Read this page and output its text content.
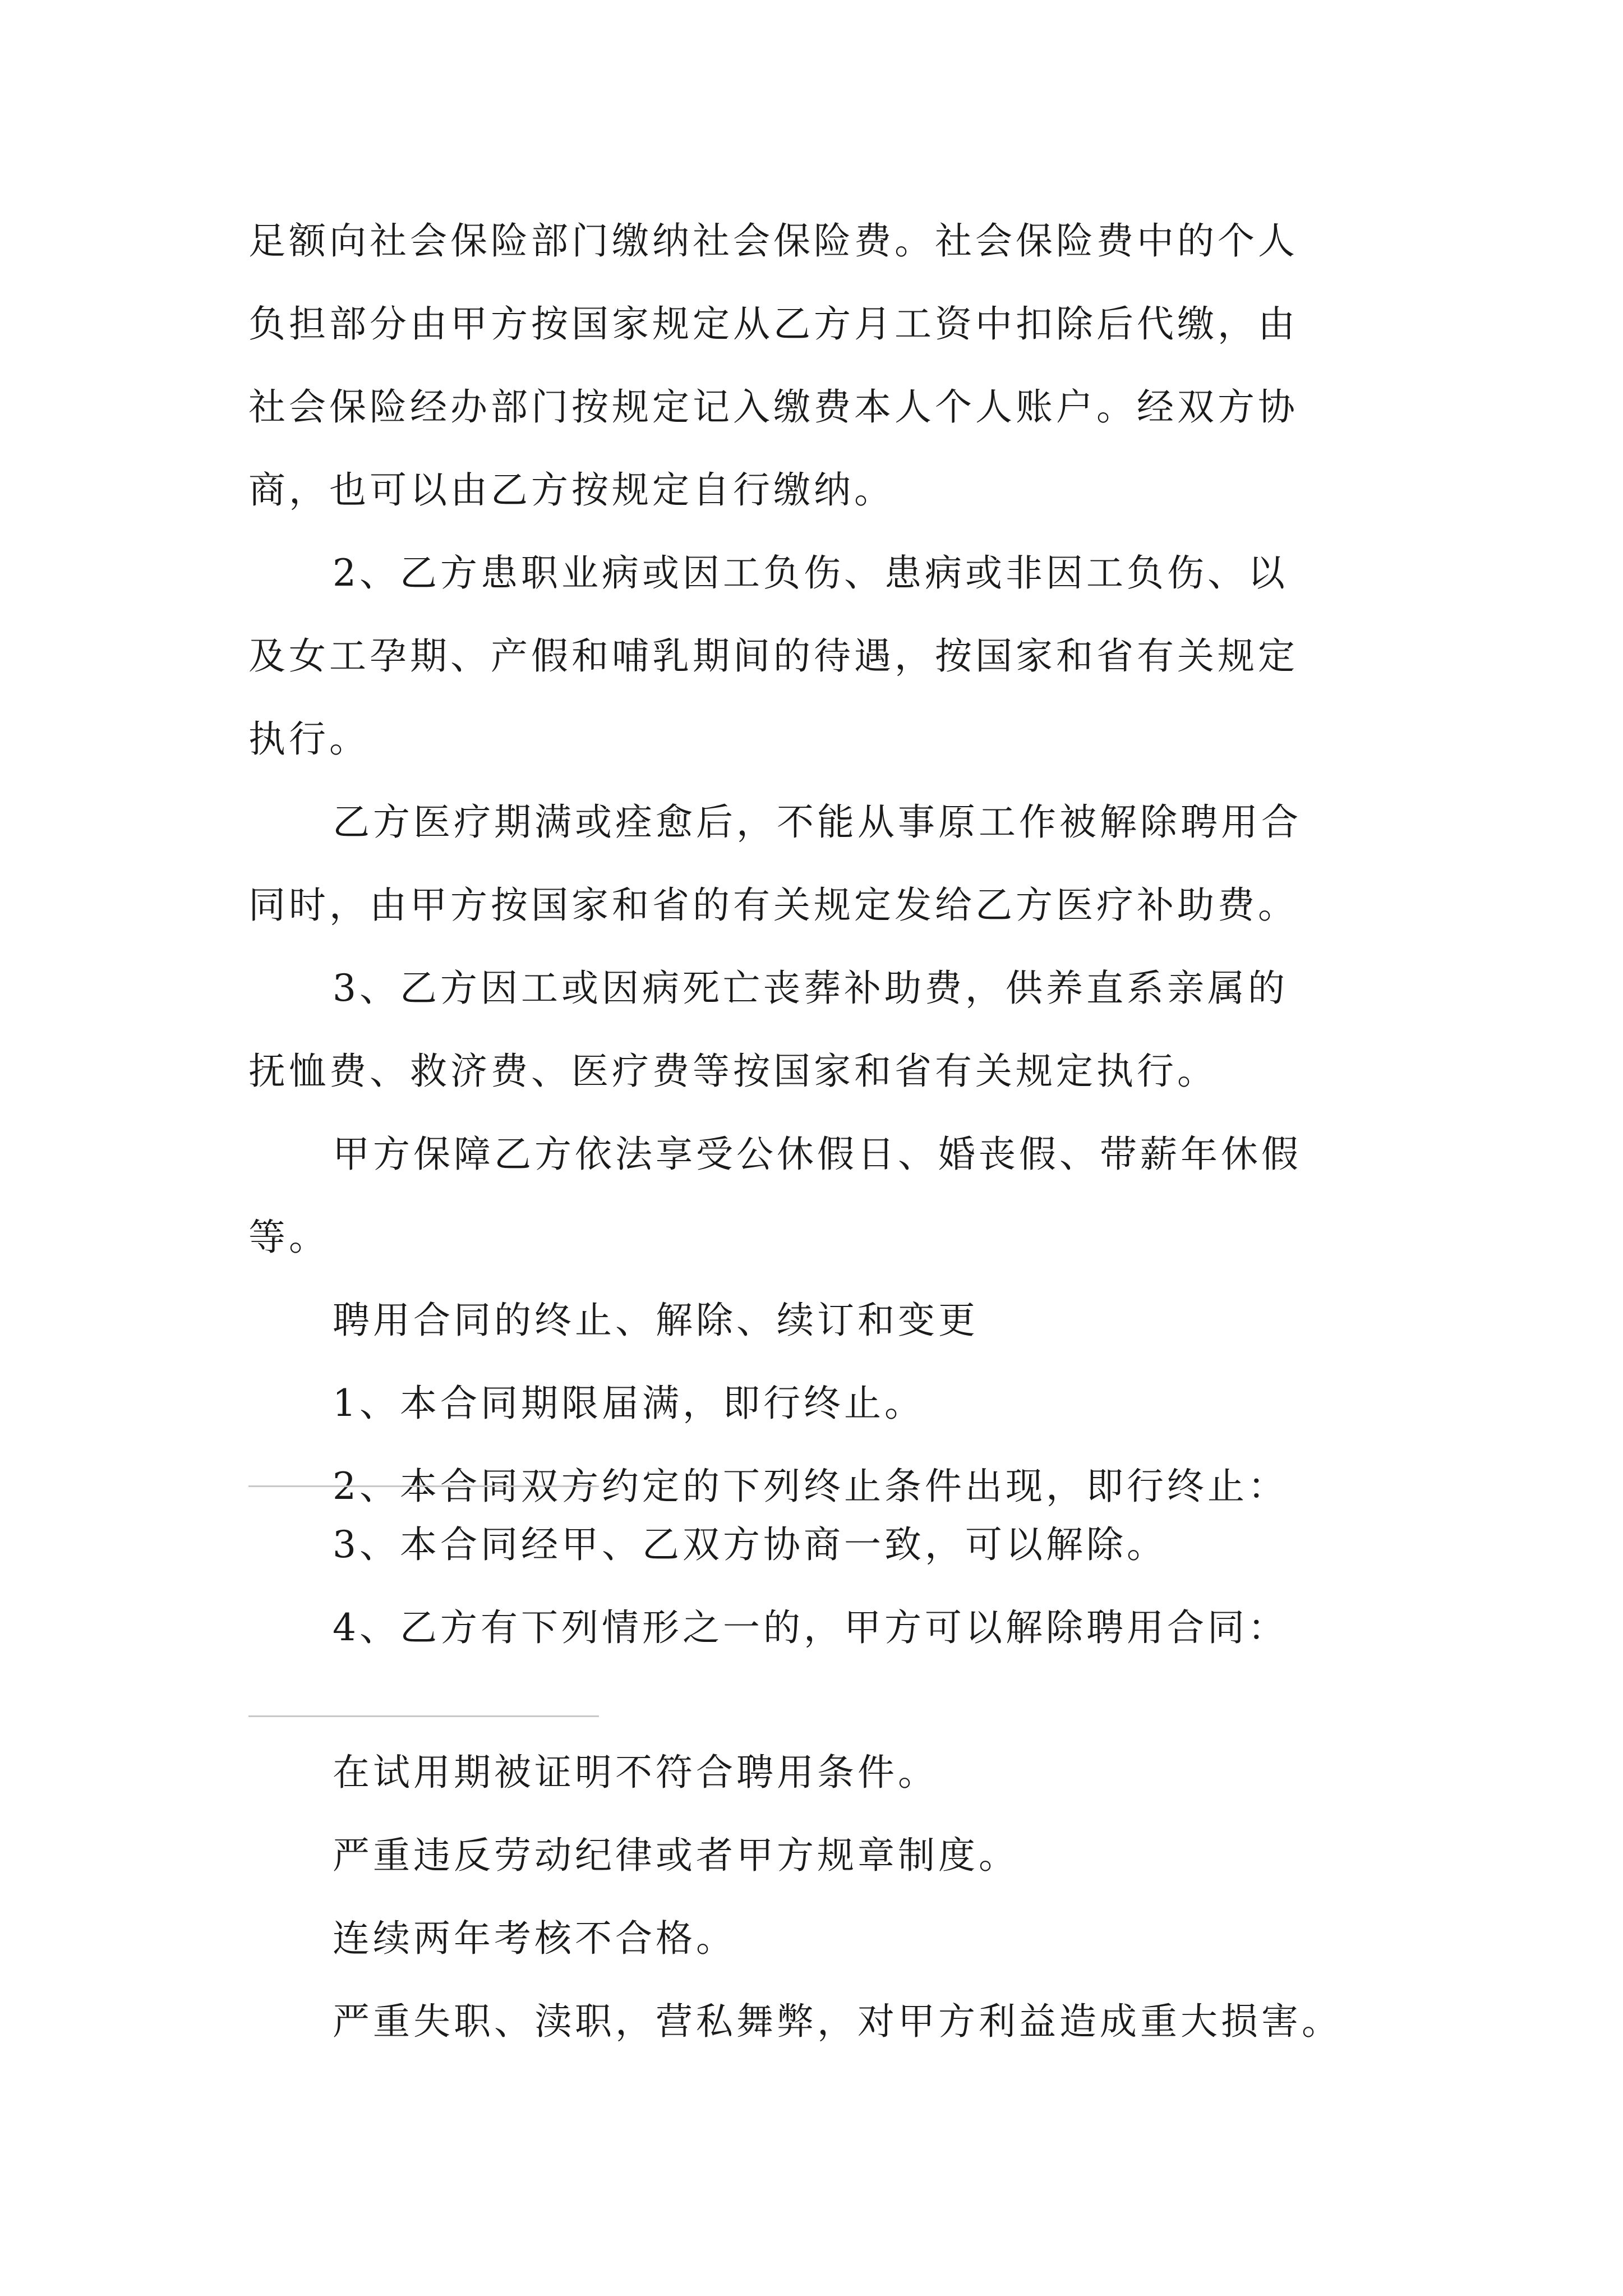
足额向社会保险部门缴纳社会保险费。社会保险费中的个人

负担部分由甲方按国家规定从乙方月工资中扣除后代缴，由

社会保险经办部门按规定记入缴费本人个人账户。经双方协

商，也可以由乙方按规定自行缴纳。

2、乙方患职业病或因工负伤、患病或非因工负伤、以

及女工孕期、产假和哺乳期间的待遇，按国家和省有关规定

执行。

乙方医疗期满或痊愈后，不能从事原工作被解除聘用合

同时，由甲方按国家和省的有关规定发给乙方医疗补助费。

3、乙方因工或因病死亡丧葬补助费，供养直系亲属的

抚恤费、救济费、医疗费等按国家和省有关规定执行。

甲方保障乙方依法享受公休假日、婚丧假、带薪年休假

等。

聘用合同的终止、解除、续订和变更

1、本合同期限届满，即行终止。

2、本合同双方约定的下列终止条件出现，即行终止：

3、本合同经甲、乙双方协商一致，可以解除。

4、乙方有下列情形之一的，甲方可以解除聘用合同：

在试用期被证明不符合聘用条件。

严重违反劳动纪律或者甲方规章制度。

连续两年考核不合格。

严重失职、渎职，营私舞弊，对甲方利益造成重大损害。
